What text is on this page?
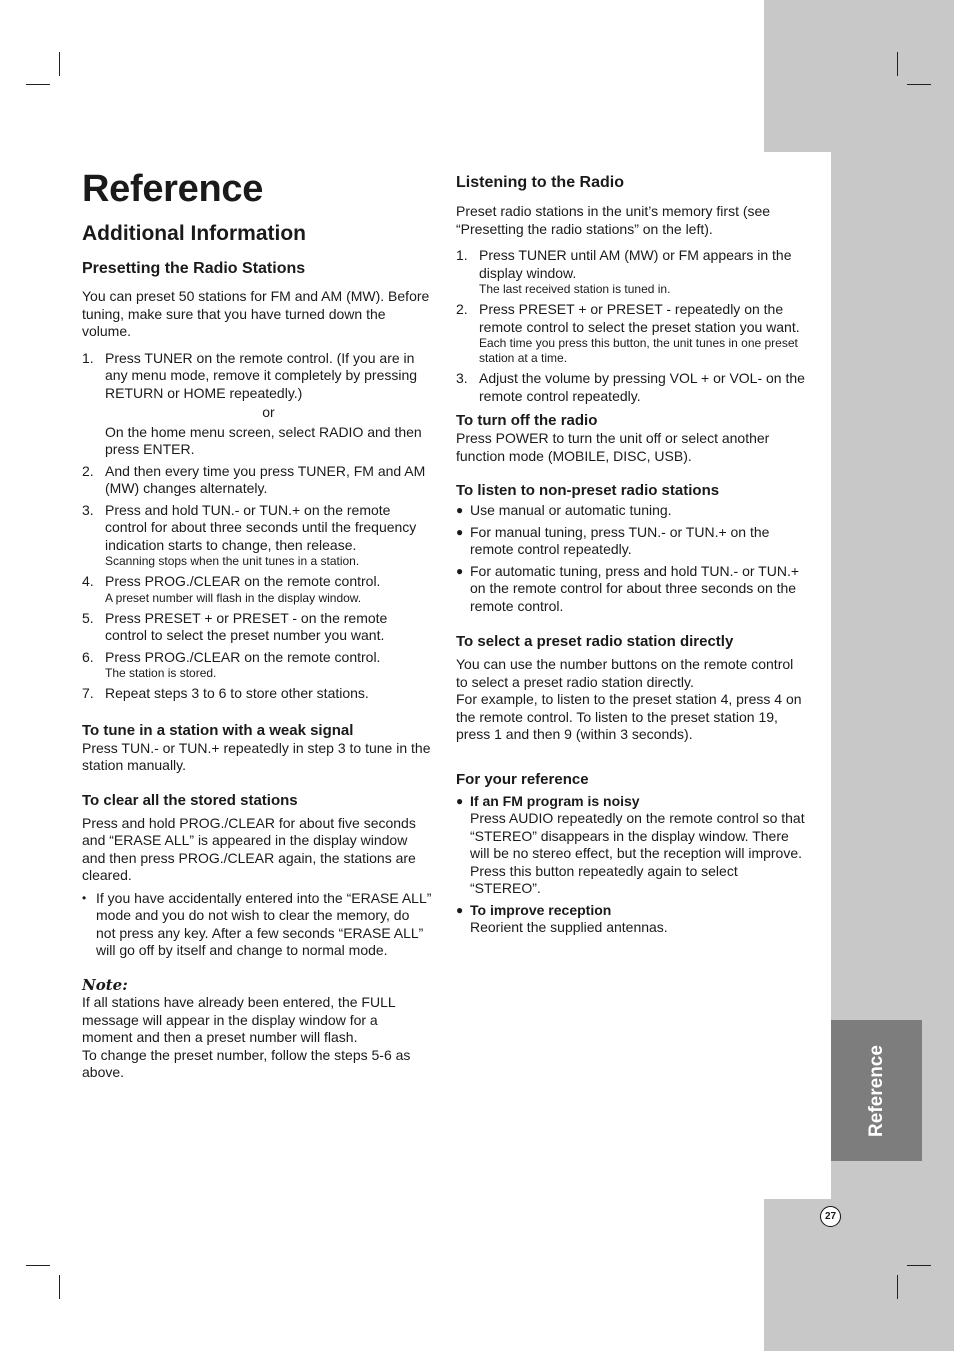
Reference
27
Reference
Additional Information

Presetting the Radio Stations

You can preset 50 stations for FM and AM (MW). Before tuning, make sure that you have turned down the volume.

1. Press TUNER on the remote control. (If you are in any menu mode, remove it completely by pressing RETURN or HOME repeatedly.)

or

On the home menu screen, select RADIO and then press ENTER.

2. And then every time you press TUNER, FM and AM (MW) changes alternately.

3. Press and hold TUN.- or TUN.+ on the remote control for about three seconds until the frequency indication starts to change, then release.

Scanning stops when the unit tunes in a station.

4. Press PROG./CLEAR on the remote control.

A preset number will flash in the display window.

5. Press PRESET + or PRESET - on the remote control to select the preset number you want.

6. Press PROG./CLEAR on the remote control.

The station is stored.

7. Repeat steps 3 to 6 to store other stations.

To tune in a station with a weak signal

Press TUN.- or TUN.+ repeatedly in step 3 to tune in the station manually.

To clear all the stored stations

Press and hold PROG./CLEAR for about five seconds and “ERASE ALL” is appeared in the display window and then press PROG./CLEAR again, the stations are cleared.

• If you have accidentally entered into the “ERASE ALL” mode and you do not wish to clear the memory, do not press any key. After a few seconds “ERASE ALL” will go off by itself and change to normal mode.

Note:

If all stations have already been entered, the FULL message will appear in the display window for a moment and then a preset number will flash.

To change the preset number, follow the steps 5-6 as above.

Listening to the Radio

Preset radio stations in the unit’s memory first (see “Presetting the radio stations” on the left).

1. Press TUNER until AM (MW) or FM appears in the display window.

The last received station is tuned in.

2. Press PRESET + or PRESET - repeatedly on the remote control to select the preset station you want.

Each time you press this button, the unit tunes in one preset station at a time.

3. Adjust the volume by pressing VOL + or VOL- on the remote control repeatedly.

To turn off the radio

Press POWER to turn the unit off or select another function mode (MOBILE, DISC, USB).

To listen to non-preset radio stations

● Use manual or automatic tuning.

● For manual tuning, press TUN.- or TUN.+ on the remote control repeatedly.

● For automatic tuning, press and hold TUN.- or TUN.+ on the remote control for about three seconds on the remote control.

To select a preset radio station directly

You can use the number buttons on the remote control to select a preset radio station directly.

For example, to listen to the preset station 4, press 4 on the remote control. To listen to the preset station 19, press 1 and then 9 (within 3 seconds).

For your reference

● If an FM program is noisy

Press AUDIO repeatedly on the remote control so that “STEREO” disappears in the display window. There will be no stereo effect, but the reception will improve. Press this button repeatedly again to select “STEREO”.

● To improve reception

Reorient the supplied antennas.
